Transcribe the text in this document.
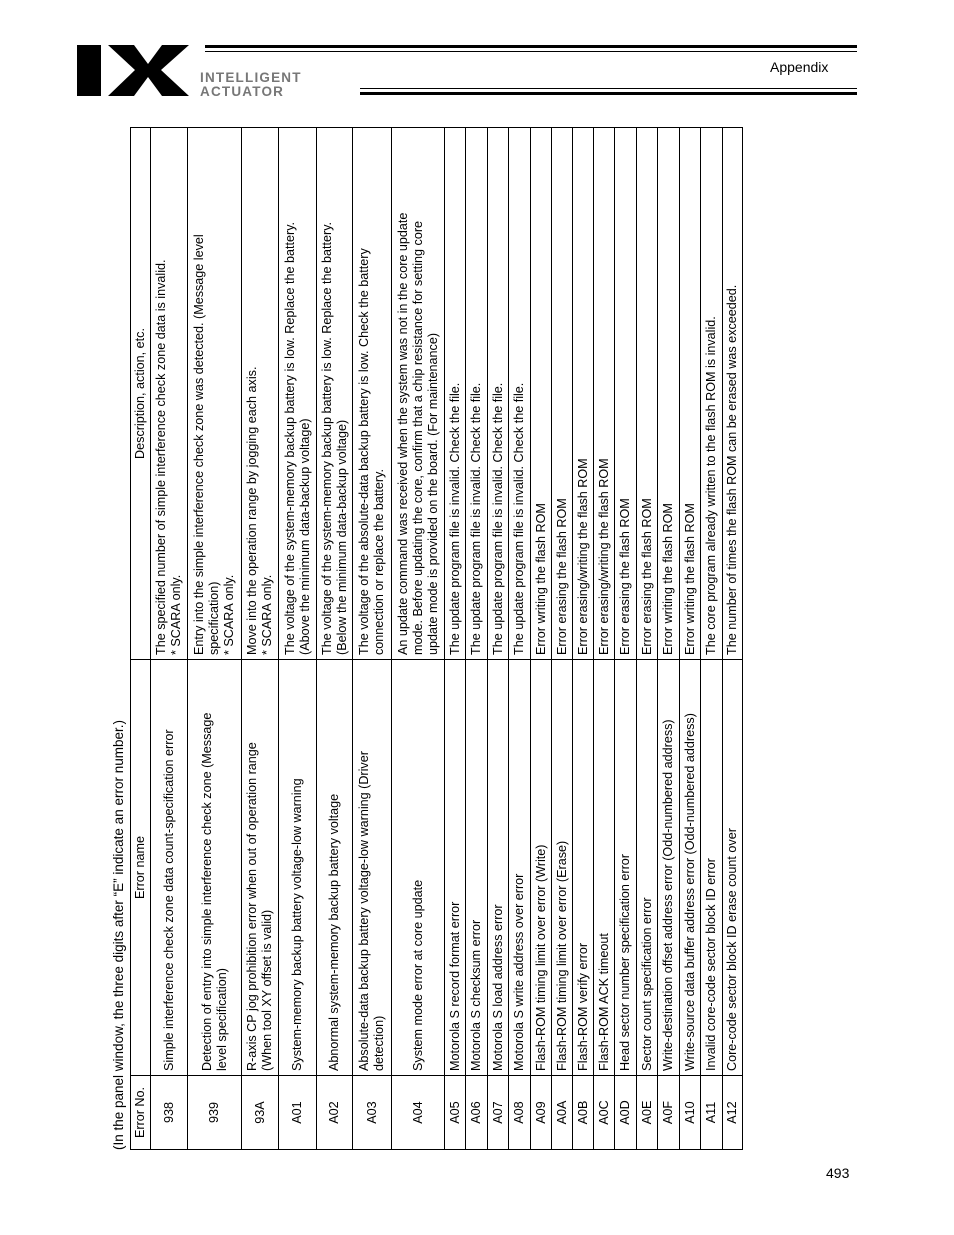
INTELLIGENT
ACTUATOR
Appendix
(In the panel window, the three digits after “E” indicate an error number.) Error No.	Error name	Description, action, etc.
938	Simple interference check zone data count-specification error	The specified number of simple interference check zone data is invalid.
* SCARA only.
939	Detection of entry into simple interference check zone (Message
level specification)	Entry into the simple interference check zone was detected. (Message level
specification)
* SCARA only.
93A	R-axis CP jog prohibition error when out of operation range
(When tool XY offset is valid)	Move into the operation range by jogging each axis.
* SCARA only.
A01	System-memory backup battery voltage-low warning	The voltage of the system-memory backup battery is low. Replace the battery.
(Above the minimum data-backup voltage)
A02	Abnormal system-memory backup battery voltage	The voltage of the system-memory backup battery is low. Replace the battery.
(Below the minimum data-backup voltage)
A03	Absolute-data backup battery voltage-low warning (Driver
detection)	The voltage of the absolute-data backup battery is low. Check the battery
connection or replace the battery.
A04	System mode error at core update	An update command was received when the system was not in the core update
mode. Before updating the core, confirm that a chip resistance for setting core
update mode is provided on the board. (For maintenance)
A05	Motorola S record format error	The update program file is invalid. Check the file.
A06	Motorola S checksum error	The update program file is invalid. Check the file.
A07	Motorola S load address error	The update program file is invalid. Check the file.
A08	Motorola S write address over error	The update program file is invalid. Check the file.
A09	Flash-ROM timing limit over error (Write)	Error writing the flash ROM
A0A	Flash-ROM timing limit over error (Erase)	Error erasing the flash ROM
A0B	Flash-ROM verify error	Error erasing/writing the flash ROM
A0C	Flash-ROM ACK timeout	Error erasing/writing the flash ROM
A0D	Head sector number specification error	Error erasing the flash ROM
A0E	Sector count specification error	Error erasing the flash ROM
A0F	Write-destination offset address error (Odd-numbered address)	Error writing the flash ROM
A10	Write-source data buffer address error (Odd-numbered address)	Error writing the flash ROM
A11	Invalid core-code sector block ID error	The core program already written to the flash ROM is invalid.
A12	Core-code sector block ID erase count over	The number of times the flash ROM can be erased was exceeded.
493
